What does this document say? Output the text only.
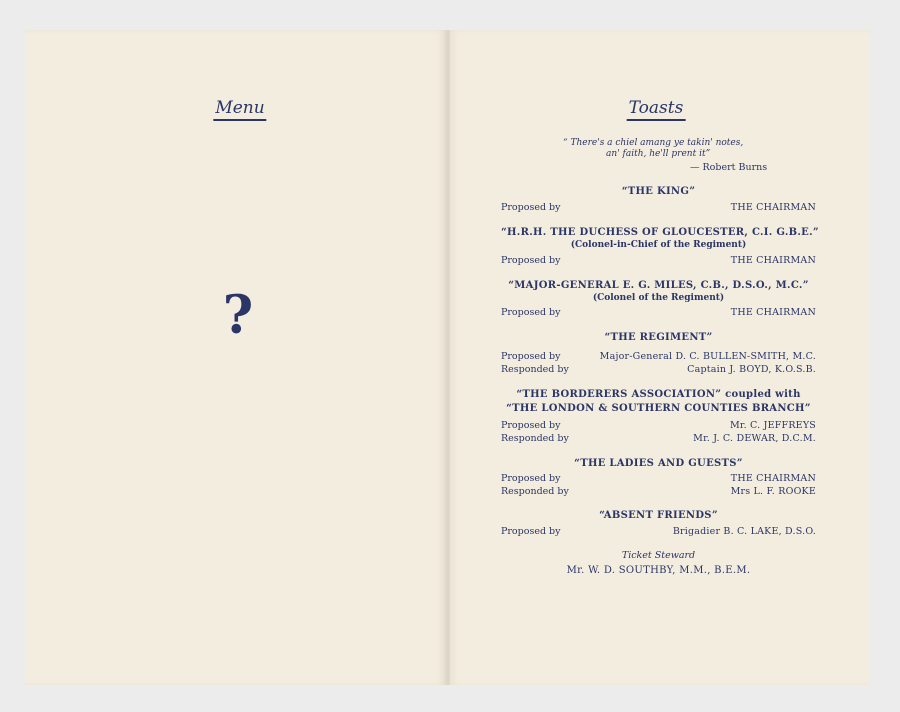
Menu
?
Toasts
“ There's a chiel amang ye takin' notes,
an' faith, he'll prent it”
— Robert Burns
“THE KING”
Proposed by	THE CHAIRMAN
“H.R.H. THE DUCHESS OF GLOUCESTER, C.I. G.B.E.”
(Colonel-in-Chief of the Regiment)
Proposed by	THE CHAIRMAN
“MAJOR-GENERAL E. G. MILES, C.B., D.S.O., M.C.”
(Colonel of the Regiment)
Proposed by	THE CHAIRMAN
“THE REGIMENT”
Proposed by	Major-General D. C. BULLEN-SMITH, M.C.
Responded by	Captain J. BOYD, K.O.S.B.
“THE BORDERERS ASSOCIATION” coupled with
“THE LONDON & SOUTHERN COUNTIES BRANCH”
Proposed by	Mr. C. JEFFREYS
Responded by	Mr. J. C. DEWAR, D.C.M.
“THE LADIES AND GUESTS”
Proposed by	THE CHAIRMAN
Responded by	Mrs L. F. ROOKE
“ABSENT FRIENDS”
Proposed by	Brigadier B. C. LAKE, D.S.O.
Ticket Steward
Mr. W. D. SOUTHBY, M.M., B.E.M.
